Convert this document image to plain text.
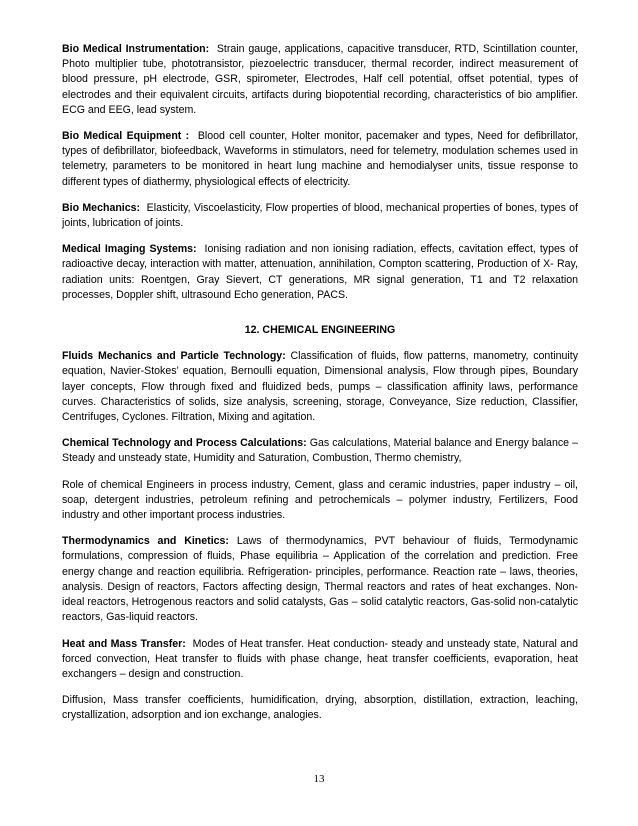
Bio Medical Instrumentation: Strain gauge, applications, capacitive transducer, RTD, Scintillation counter, Photo multiplier tube, phototransistor, piezoelectric transducer, thermal recorder, indirect measurement of blood pressure, pH electrode, GSR, spirometer, Electrodes, Half cell potential, offset potential, types of electrodes and their equivalent circuits, artifacts during biopotential recording, characteristics of bio amplifier. ECG and EEG, lead system.

Bio Medical Equipment : Blood cell counter, Holter monitor, pacemaker and types, Need for defibrillator, types of defibrillator, biofeedback, Waveforms in stimulators, need for telemetry, modulation schemes used in telemetry, parameters to be monitored in heart lung machine and hemodialyser units, tissue response to different types of diathermy, physiological effects of electricity.

Bio Mechanics: Elasticity, Viscoelasticity, Flow properties of blood, mechanical properties of bones, types of joints, lubrication of joints.

Medical Imaging Systems: Ionising radiation and non ionising radiation, effects, cavitation effect, types of radioactive decay, interaction with matter, attenuation, annihilation, Compton scattering, Production of X- Ray, radiation units: Roentgen, Gray Sievert, CT generations, MR signal generation, T1 and T2 relaxation processes, Doppler shift, ultrasound Echo generation, PACS.

12. CHEMICAL ENGINEERING

Fluids Mechanics and Particle Technology: Classification of fluids, flow patterns, manometry, continuity equation, Navier-Stokes’ equation, Bernoulli equation, Dimensional analysis, Flow through pipes, Boundary layer concepts, Flow through fixed and fluidized beds, pumps – classification affinity laws, performance curves. Characteristics of solids, size analysis, screening, storage, Conveyance, Size reduction, Classifier, Centrifuges, Cyclones. Filtration, Mixing and agitation.

Chemical Technology and Process Calculations: Gas calculations, Material balance and Energy balance – Steady and unsteady state, Humidity and Saturation, Combustion, Thermo chemistry,

Role of chemical Engineers in process industry, Cement, glass and ceramic industries, paper industry – oil, soap, detergent industries, petroleum refining and petrochemicals – polymer industry, Fertilizers, Food industry and other important process industries.

Thermodynamics and Kinetics: Laws of thermodynamics, PVT behaviour of fluids, Termodynamic formulations, compression of fluids, Phase equilibria – Application of the correlation and prediction. Free energy change and reaction equilibria. Refrigeration- principles, performance. Reaction rate – laws, theories, analysis. Design of reactors, Factors affecting design, Thermal reactors and rates of heat exchanges. Non-ideal reactors, Hetrogenous reactors and solid catalysts, Gas – solid catalytic reactors, Gas-solid non-catalytic reactors, Gas-liquid reactors.

Heat and Mass Transfer: Modes of Heat transfer. Heat conduction- steady and unsteady state, Natural and forced convection, Heat transfer to fluids with phase change, heat transfer coefficients, evaporation, heat exchangers – design and construction.

Diffusion, Mass transfer coefficients, humidification, drying, absorption, distillation, extraction, leaching, crystallization, adsorption and ion exchange, analogies.

13
